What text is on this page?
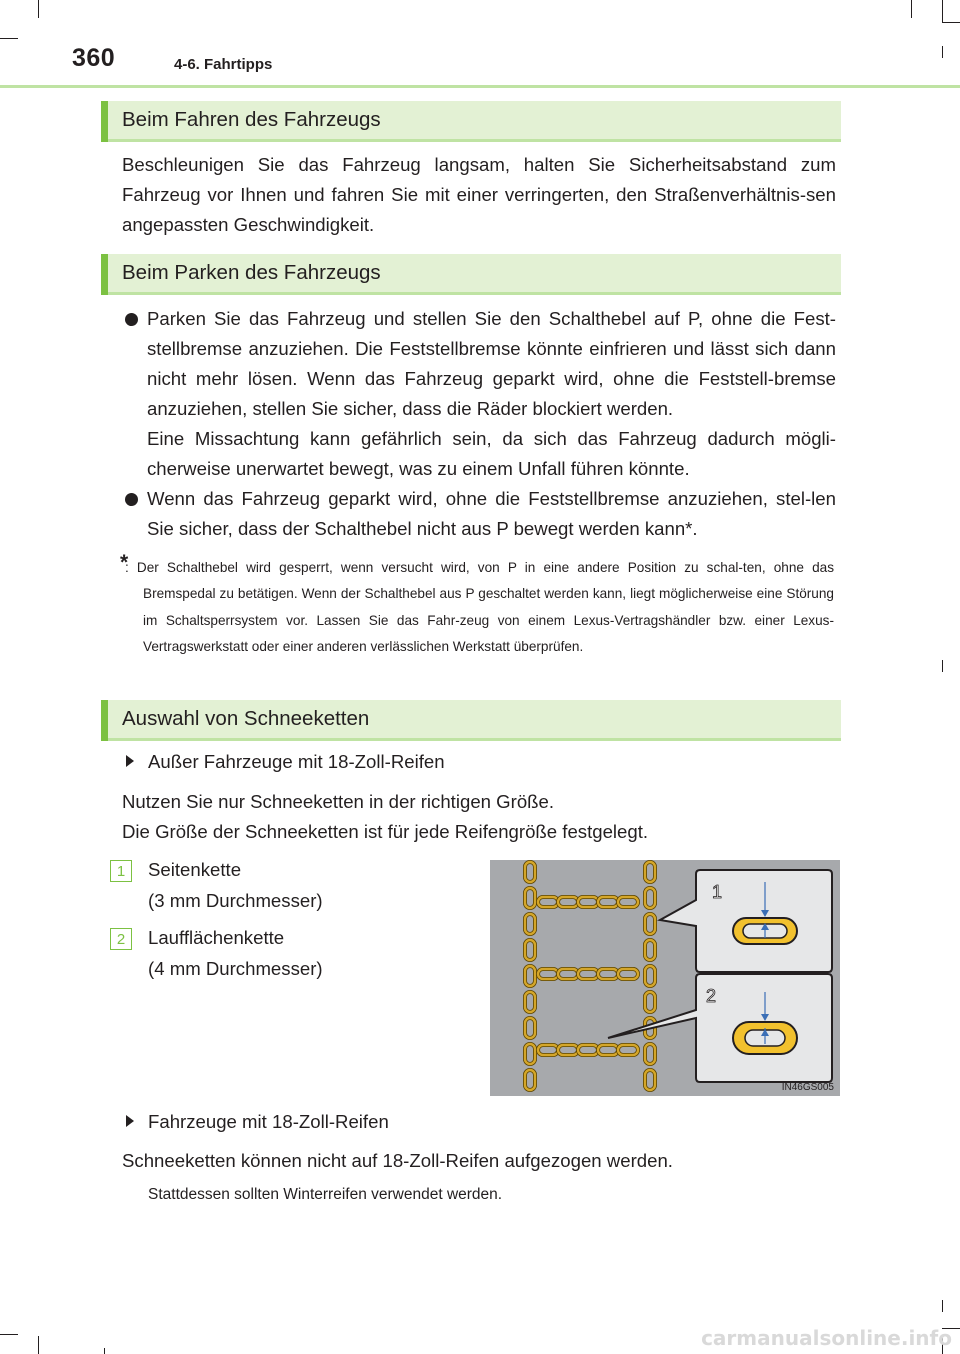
360	4-6. Fahrtipps
Beim Fahren des Fahrzeugs

Beschleunigen Sie das Fahrzeug langsam, halten Sie Sicherheitsabstand zum Fahrzeug vor Ihnen und fahren Sie mit einer verringerten, den Straßenverhältnis-sen angepassten Geschwindigkeit.

Beim Parken des Fahrzeugs
Parken Sie das Fahrzeug und stellen Sie den Schalthebel auf P, ohne die Fest-stellbremse anzuziehen. Die Feststellbremse könnte einfrieren und lässt sich dann nicht mehr lösen. Wenn das Fahrzeug geparkt wird, ohne die Feststell-bremse anzuziehen, stellen Sie sicher, dass die Räder blockiert werden.
Eine Missachtung kann gefährlich sein, da sich das Fahrzeug dadurch mögli-cherweise unerwartet bewegt, was zu einem Unfall führen könnte.
Wenn das Fahrzeug geparkt wird, ohne die Feststellbremse anzuziehen, stel-len Sie sicher, dass der Schalthebel nicht aus P bewegt werden kann*.
*
: Der Schalthebel wird gesperrt, wenn versucht wird, von P in eine andere Position zu schal-ten, ohne das Bremspedal zu betätigen. Wenn der Schalthebel aus P geschaltet werden kann, liegt möglicherweise eine Störung im Schaltsperrsystem vor. Lassen Sie das Fahr-zeug von einem Lexus-Vertragshändler bzw. einer Lexus-Vertragswerkstatt oder einer anderen verlässlichen Werkstatt überprüfen.
Auswahl von Schneeketten
Außer Fahrzeuge mit 18-Zoll-Reifen
Nutzen Sie nur Schneeketten in der richtigen Größe.
Die Größe der Schneeketten ist für jede Reifengröße festgelegt.
1	Seitenkette
(3 mm Durchmesser)
2	Laufflächenkette
(4 mm Durchmesser)
1
2
IN46GS005
Fahrzeuge mit 18-Zoll-Reifen
Schneeketten können nicht auf 18-Zoll-Reifen aufgezogen werden.
Stattdessen sollten Winterreifen verwendet werden.
carmanualsonline.info
